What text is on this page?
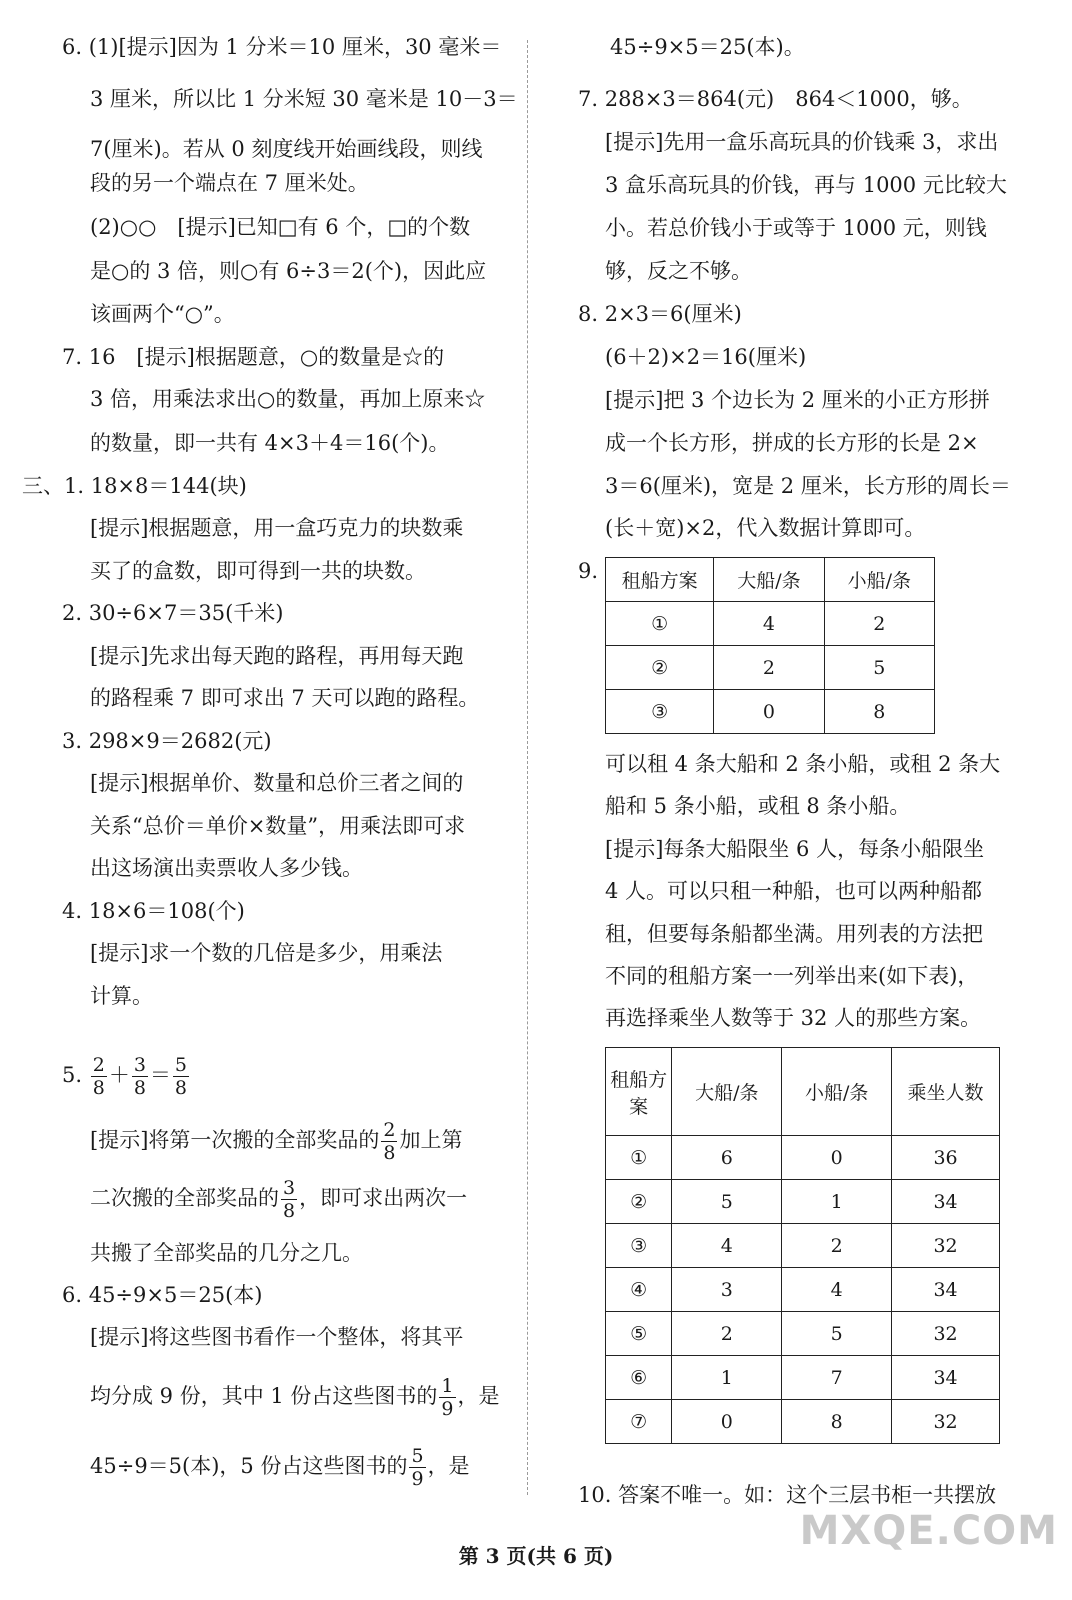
6. (1)[提示]因为 1 分米＝10 厘米，30 毫米＝
3 厘米，所以比 1 分米短 30 毫米是 10－3＝
7(厘米)。若从 0 刻度线开始画线段，则线
段的另一个端点在 7 厘米处。
(2)○○　[提示]已知□有 6 个，□的个数
是○的 3 倍，则○有 6÷3＝2(个)，因此应
该画两个“○”。
7. 16　[提示]根据题意，○的数量是☆的
3 倍，用乘法求出○的数量，再加上原来☆
的数量，即一共有 4×3＋4＝16(个)。
三、1. 18×8＝144(块)
[提示]根据题意，用一盒巧克力的块数乘
买了的盒数，即可得到一共的块数。
2. 30÷6×7＝35(千米)
[提示]先求出每天跑的路程，再用每天跑
的路程乘 7 即可求出 7 天可以跑的路程。
3. 298×9＝2682(元)
[提示]根据单价、数量和总价三者之间的
关系“总价＝单价×数量”，用乘法即可求
出这场演出卖票收人多少钱。
4. 18×6＝108(个)
[提示]求一个数的几倍是多少，用乘法
计算。
6. 45÷9×5＝25(本)
[提示]将这些图书看作一个整体，将其平
45÷9×5＝25(本)。
7. 288×3＝864(元)　864＜1000，够。
[提示]先用一盒乐高玩具的价钱乘 3，求出
3 盒乐高玩具的价钱，再与 1000 元比较大
小。若总价钱小于或等于 1000 元，则钱
够，反之不够。
8. 2×3＝6(厘米)
(6＋2)×2＝16(厘米)
[提示]把 3 个边长为 2 厘米的小正方形拼
成一个长方形，拼成的长方形的长是 2×
3＝6(厘米)，宽是 2 厘米，长方形的周长＝
(长＋宽)×2，代入数据计算即可。
9.
可以租 4 条大船和 2 条小船，或租 2 条大
船和 5 条小船，或租 8 条小船。
[提示]每条大船限坐 6 人，每条小船限坐
4 人。可以只租一种船，也可以两种船都
租，但要每条船都坐满。用列表的方法把
不同的租船方案一一列举出来(如下表)，
再选择乘坐人数等于 32 人的那些方案。
10. 答案不唯一。如：这个三层书柜一共摆放
5. $\frac{2}{8} + \frac{3}{8} = \frac{5}{8}$
[提示]将第一次搬的全部奖品的 $\frac{2}{8}$ 加上第
二次搬的全部奖品的 $\frac{3}{8}$ ，即可求出两次一
共搬了全部奖品的几分之几。
均分成 9 份，其中 1 份占这些图书的 $\frac{1}{9}$ ，是
45÷9＝5(本)，5 份占这些图书的 $\frac{5}{9}$ ，是
租船方案	大船/条	小船/条
①	4	2
②	2	5
③	0	8
租船方案	大船/条	小船/条	乘坐人数
①	6	0	36
②	5	1	34
③	4	2	32
④	3	4	34
⑤	2	5	32
⑥	1	7	34
⑦	0	8	32
第 3 页(共 6 页)
MXQE.COM
